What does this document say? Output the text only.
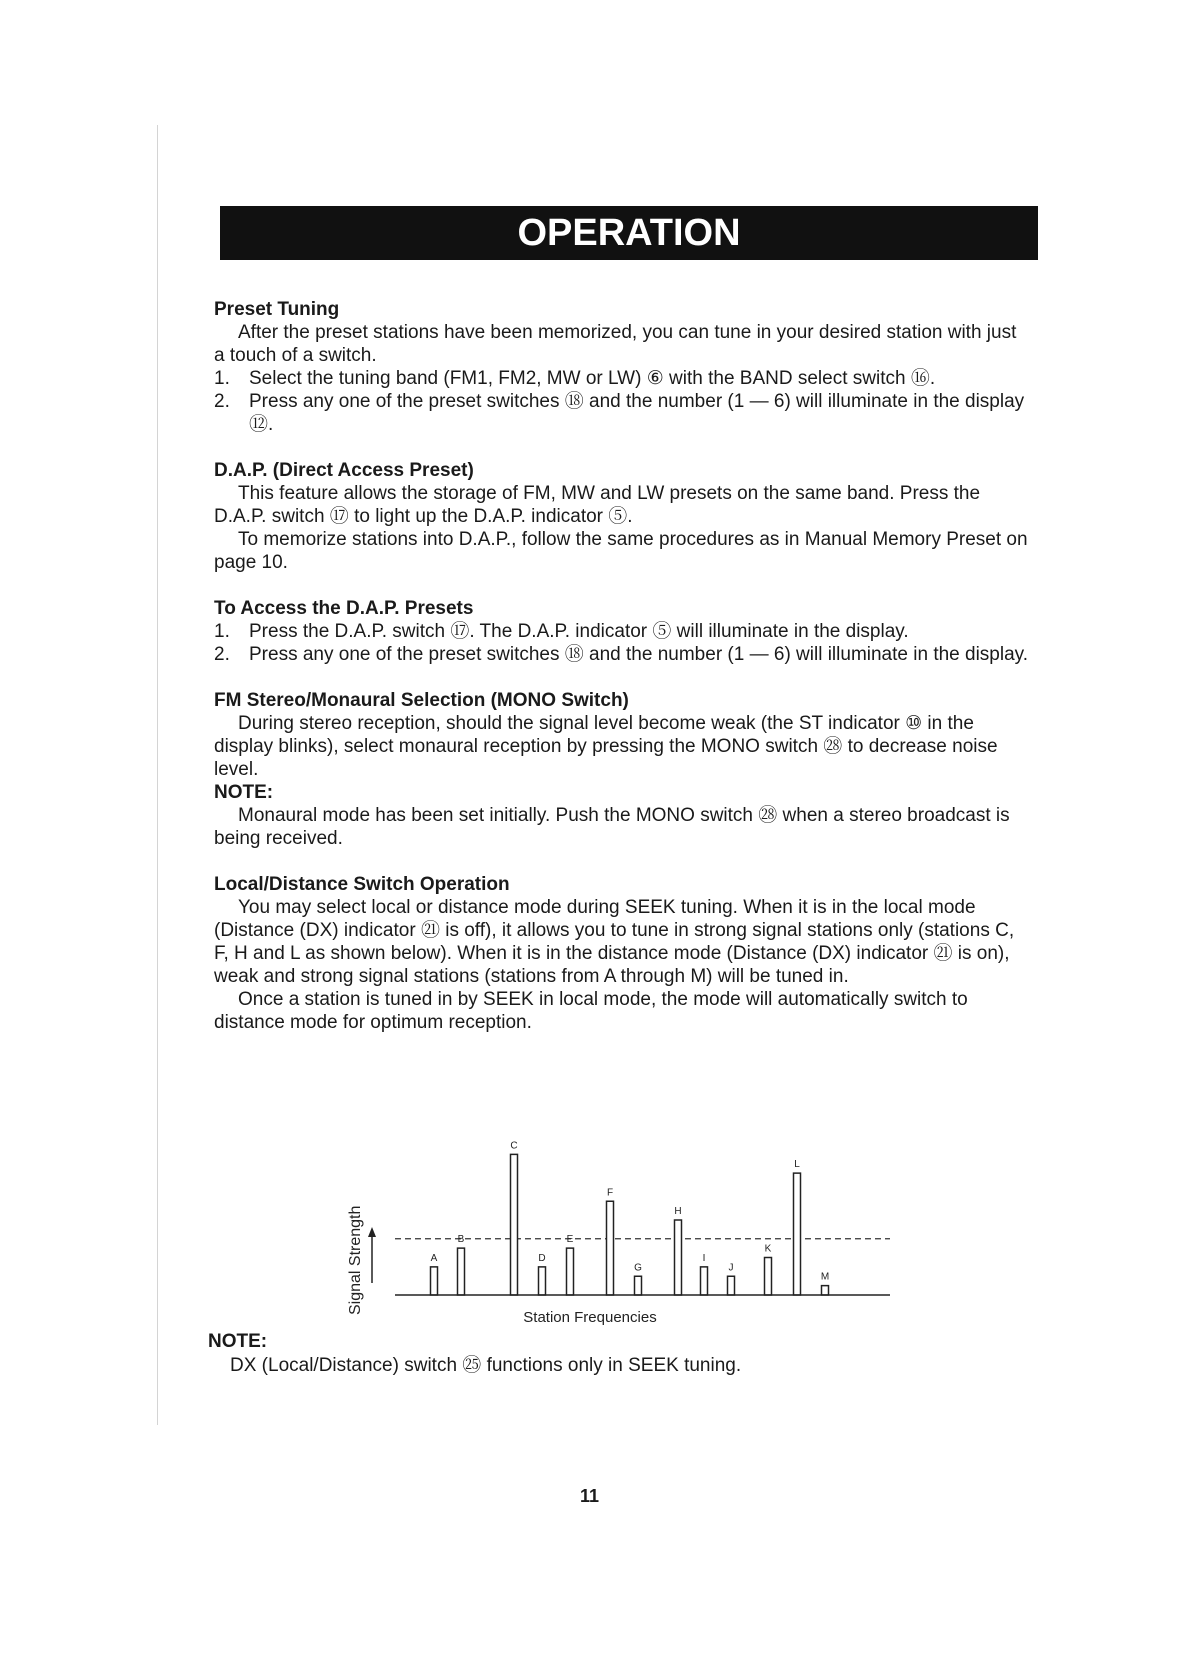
OPERATION

Preset Tuning

After the preset stations have been memorized, you can tune in your desired station with just a touch of a switch.

1. Select the tuning band (FM1, FM2, MW or LW) ⑥ with the BAND select switch ⑯.
2. Press any one of the preset switches ⑱ and the number (1 — 6) will illuminate in the display ⑫.

D.A.P. (Direct Access Preset)

This feature allows the storage of FM, MW and LW presets on the same band. Press the D.A.P. switch ⑰ to light up the D.A.P. indicator ⑤.

To memorize stations into D.A.P., follow the same procedures as in Manual Memory Preset on page 10.

To Access the D.A.P. Presets

1. Press the D.A.P. switch ⑰. The D.A.P. indicator ⑤ will illuminate in the display.
2. Press any one of the preset switches ⑱ and the number (1 — 6) will illuminate in the display.

FM Stereo/Monaural Selection (MONO Switch)

During stereo reception, should the signal level become weak (the ST indicator ⑩ in the display blinks), select monaural reception by pressing the MONO switch ㉘ to decrease noise level.

NOTE:

Monaural mode has been set initially. Push the MONO switch ㉘ when a stereo broadcast is being received.

Local/Distance Switch Operation

You may select local or distance mode during SEEK tuning. When it is in the local mode (Distance (DX) indicator ㉑ is off), it allows you to tune in strong signal stations only (stations C, F, H and L as shown below). When it is in the distance mode (Distance (DX) indicator ㉑ is on), weak and strong signal stations (stations from A through M) will be tuned in.

Once a station is tuned in by SEEK in local mode, the mode will automatically switch to distance mode for optimum reception.

A
B
C
D
E
F
G
H
I
J
K
L
M
Signal Strength
Station Frequencies

NOTE:

DX (Local/Distance) switch ㉕ functions only in SEEK tuning.

11
